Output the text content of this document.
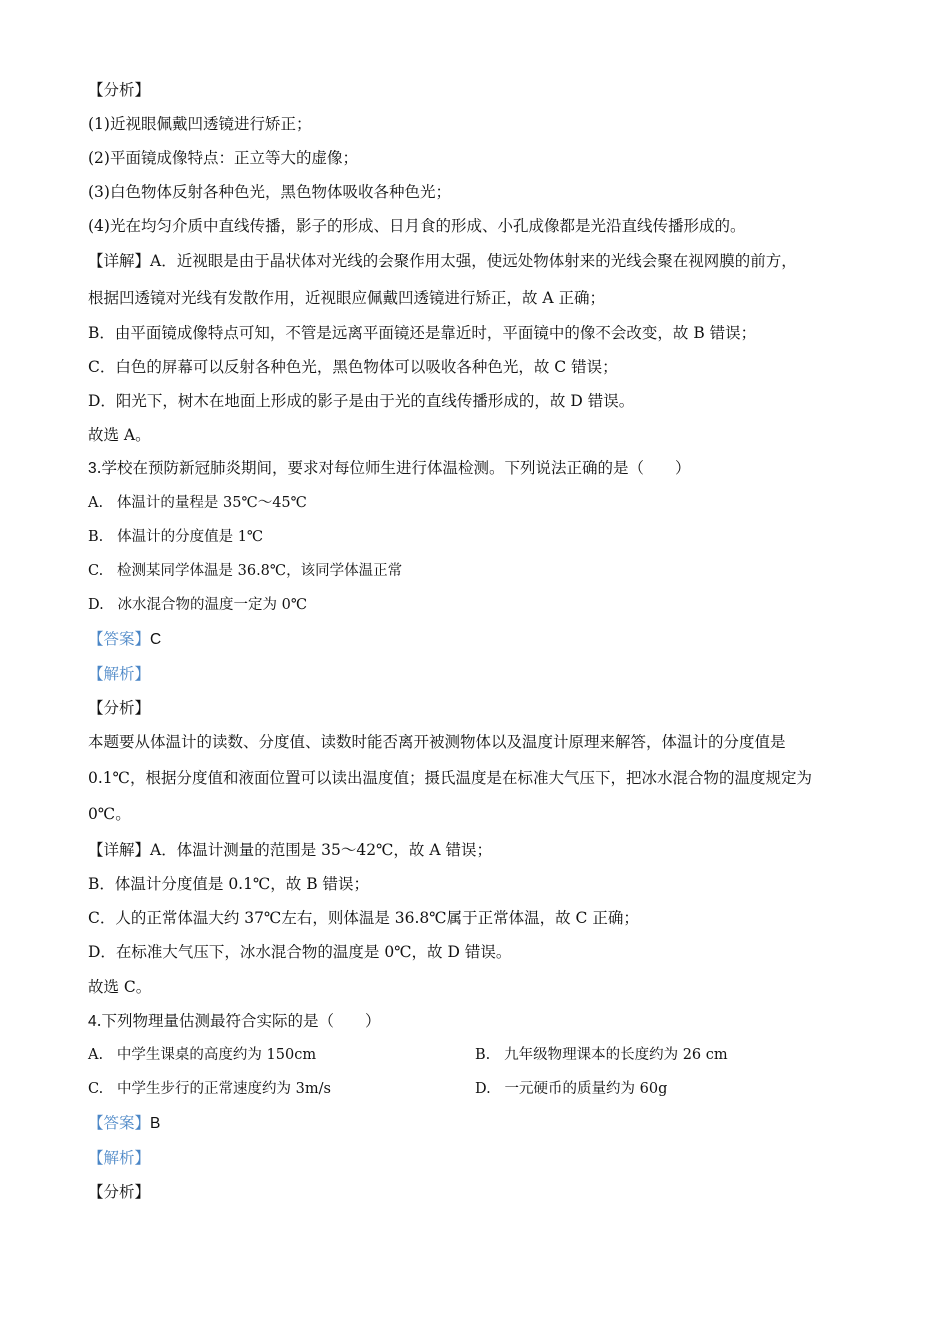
【分析】
(1)近视眼佩戴凹透镜进行矫正；
(2)平面镜成像特点：正立等大的虚像；
(3)白色物体反射各种色光，黑色物体吸收各种色光；
(4)光在均匀介质中直线传播，影子的形成、日月食的形成、小孔成像都是光沿直线传播形成的。
【详解】A．近视眼是由于晶状体对光线的会聚作用太强，使远处物体射来的光线会聚在视网膜的前方，
根据凹透镜对光线有发散作用，近视眼应佩戴凹透镜进行矫正，故 A 正确；
B．由平面镜成像特点可知，不管是远离平面镜还是靠近时，平面镜中的像不会改变，故 B 错误；
C．白色的屏幕可以反射各种色光，黑色物体可以吸收各种色光，故 C 错误；
D．阳光下，树木在地面上形成的影子是由于光的直线传播形成的，故 D 错误。
故选 A。
3.学校在预防新冠肺炎期间，要求对每位师生进行体温检测。下列说法正确的是（　　）
A. 体温计的量程是 35℃～45℃
B. 体温计的分度值是 1℃
C. 检测某同学体温是 36.8℃，该同学体温正常
D. 冰水混合物的温度一定为 0℃
【答案】C
【解析】
【分析】
本题要从体温计的读数、分度值、读数时能否离开被测物体以及温度计原理来解答，体温计的分度值是
0.1℃，根据分度值和液面位置可以读出温度值；摄氏温度是在标准大气压下，把冰水混合物的温度规定为
0℃。
【详解】A．体温计测量的范围是 35～42℃，故 A 错误；
B．体温计分度值是 0.1℃，故 B 错误；
C．人的正常体温大约 37℃左右，则体温是 36.8℃属于正常体温，故 C 正确；
D．在标准大气压下，冰水混合物的温度是 0℃，故 D 错误。
故选 C。
4.下列物理量估测最符合实际的是（　　）
A. 中学生课桌的高度约为 150cm	B. 九年级物理课本的长度约为 26 cm
C. 中学生步行的正常速度约为 3m/s	D. 一元硬币的质量约为 60g
【答案】B
【解析】
【分析】
